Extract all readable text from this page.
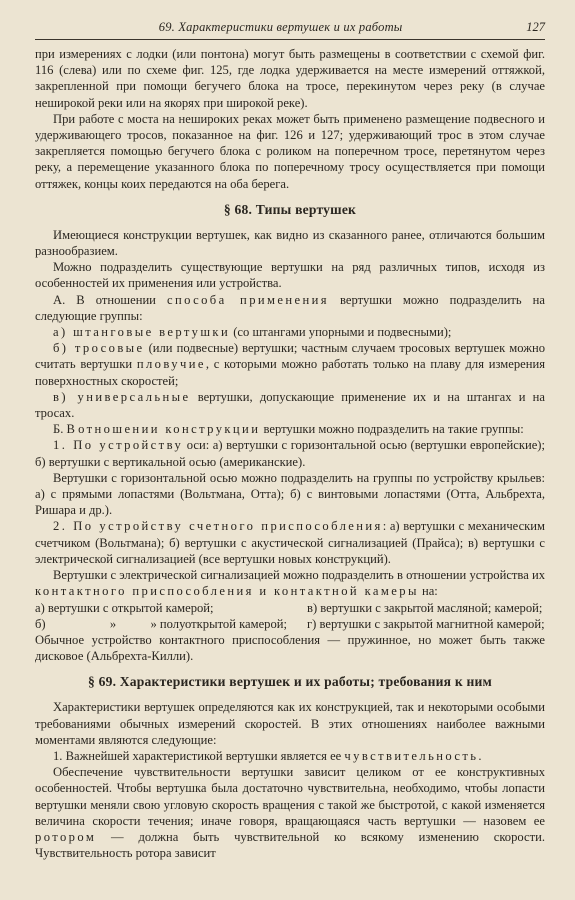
69. Характеристики вертушек и их работы	127

при измерениях с лодки (или понтона) могут быть размещены в соответствии с схемой фиг. 116 (слева) или по схеме фиг. 125, где лодка удерживается на месте измерений оттяжкой, закрепленной при помощи бегучего блока на тросе, перекинутом через реку (в случае неширокой реки или на якорях при широкой реке).

При работе с моста на неширокиx реках может быть применено размещение подвесного и удерживающего тросов, показанное на фиг. 126 и 127; удерживающий трос в этом случае закрепляется помощью бегучего блока с роликом на поперечном тросе, перетянутом через реку, а перемещение указанного блока по поперечному тросу осуществляется при помощи оттяжек, концы коих передаются на оба берега.

§ 68. Типы вертушек

Имеющиеся конструкции вертушек, как видно из сказанного ранее, отличаются большим разнообразием.

Можно подразделить существующие вертушки на ряд различных типов, исходя из особенностей их применения или устройства.

А. В отношении способа применения вертушки можно подразделить на следующие группы:

а) штанговые вертушки (со штангами упорными и подвесными);

б) тросовые (или подвесные) вертушки; частным случаем тросовых вертушек можно считать вертушки пловучие, с которыми можно работать только на плаву для измерения поверхностных скоростей;

в) универсальные вертушки, допускающие применение их и на штангах и на тросах.

Б. В отношении конструкции вертушки можно подразделить на такие группы:

1. По устройству оси: а) вертушки с горизонтальной осью (вертушки европейские); б) вертушки с вертикальной осью (американские).

Вертушки с горизонтальной осью можно подразделить на группы по устройству крыльев: а) с прямыми лопастями (Вольтмана, Отта); б) с винтовыми лопастями (Отта, Альбрехта, Ришара и др.).

2. По устройству счетного приспособления: а) вертушки с механическим счетчиком (Вольтмана); б) вертушки с акустической сигнализацией (Прайса); в) вертушки с электрической сигнализацией (все вертушки новых конструкций).

Вертушки с электрической сигнализацией можно подразделить в отношении устройства их контактного приспособления и контактной камеры на:

а) вертушки с открытой камерой;	в) вертушки с закрытой масляной; камерой;
б)	»	» полуоткрытой камерой; г) вертушки с закрытой магнитной камерой;

Обычное устройство контактного приспособления — пружинное, но может быть также дисковое (Альбрехта-Килли).

§ 69. Характеристики вертушек и их работы; требования к ним

Характеристики вертушек определяются как их конструкцией, так и некоторыми особыми требованиями обычных измерений скоростей. В этих отношениях наиболее важными моментами являются следующие:

1. Важнейшей характеристикой вертушки является ее чувствительность.

Обеспечение чувствительности вертушки зависит целиком от ее конструктивных особенностей. Чтобы вертушка была достаточно чувствительна, необходимо, чтобы лопасти вертушки меняли свою угловую скорость вращения с такой же быстротой, с какой изменяется величина скорости течения; иначе говоря, вращающаяся часть вертушки — назовем ее ротором — должна быть чувствительной ко всякому изменению скорости. Чувствительность ротора зависит
